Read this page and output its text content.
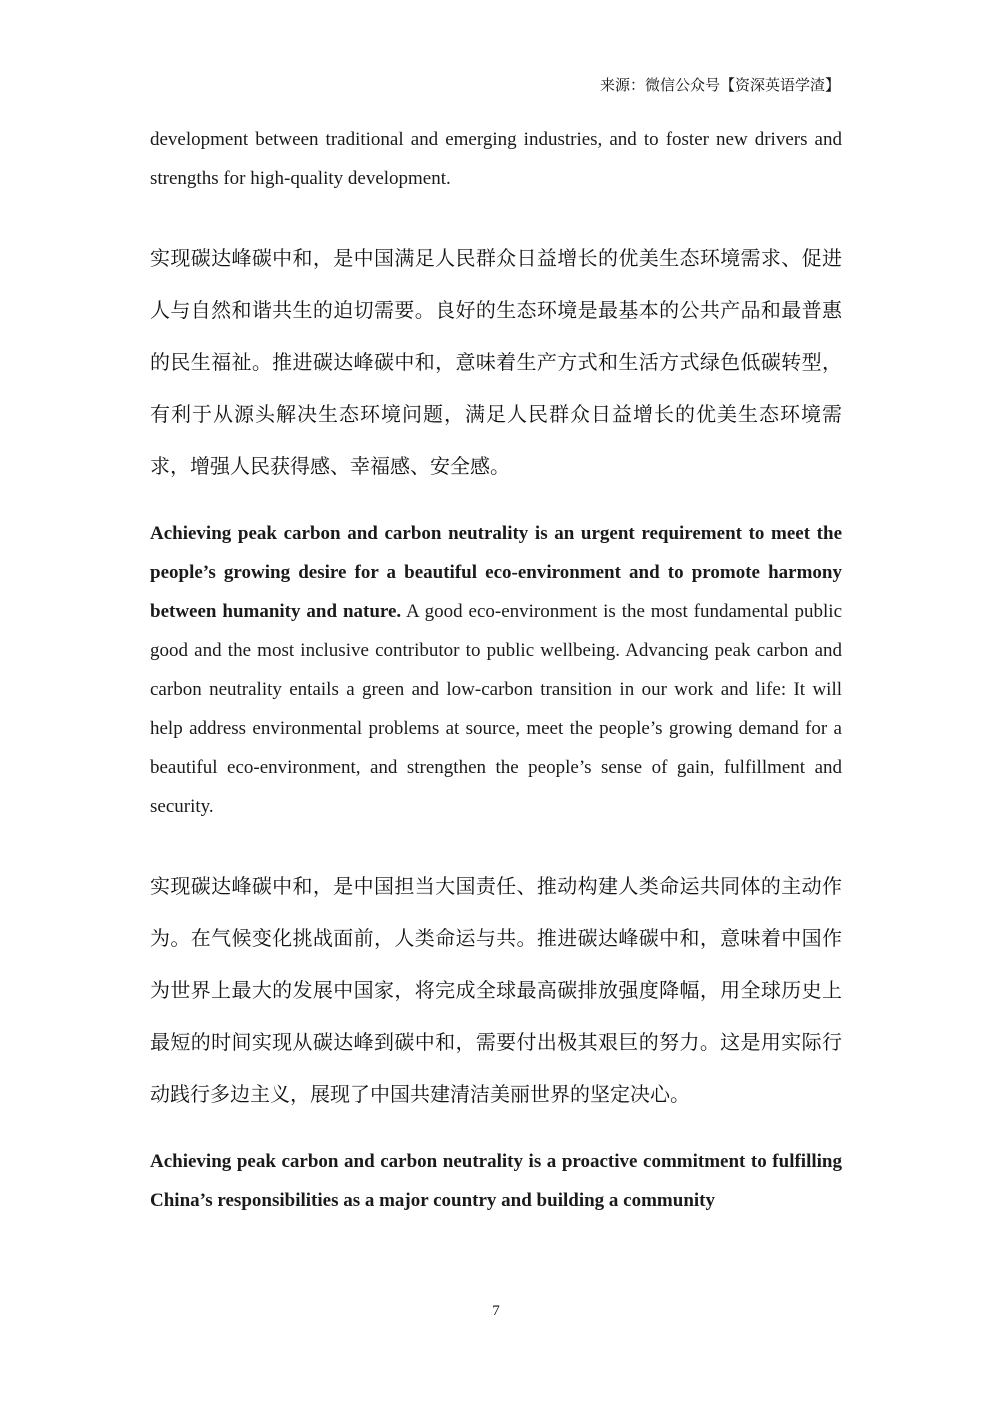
来源：微信公众号【资深英语学渣】

development between traditional and emerging industries, and to foster new drivers and strengths for high-quality development.

实现碳达峰碳中和，是中国满足人民群众日益增长的优美生态环境需求、促进人与自然和谐共生的迫切需要。良好的生态环境是最基本的公共产品和最普惠的民生福祉。推进碳达峰碳中和，意味着生产方式和生活方式绿色低碳转型，有利于从源头解决生态环境问题，满足人民群众日益增长的优美生态环境需求，增强人民获得感、幸福感、安全感。

Achieving peak carbon and carbon neutrality is an urgent requirement to meet the people’s growing desire for a beautiful eco-environment and to promote harmony between humanity and nature. A good eco-environment is the most fundamental public good and the most inclusive contributor to public wellbeing. Advancing peak carbon and carbon neutrality entails a green and low-carbon transition in our work and life: It will help address environmental problems at source, meet the people’s growing demand for a beautiful eco-environment, and strengthen the people’s sense of gain, fulfillment and security.

实现碳达峰碳中和，是中国担当大国责任、推动构建人类命运共同体的主动作为。在气候变化挑战面前，人类命运与共。推进碳达峰碳中和，意味着中国作为世界上最大的发展中国家，将完成全球最高碳排放强度降幅，用全球历史上最短的时间实现从碳达峰到碳中和，需要付出极其艰巨的努力。这是用实际行动践行多边主义，展现了中国共建清洁美丽世界的坚定决心。

Achieving peak carbon and carbon neutrality is a proactive commitment to fulfilling China’s responsibilities as a major country and building a community

7
